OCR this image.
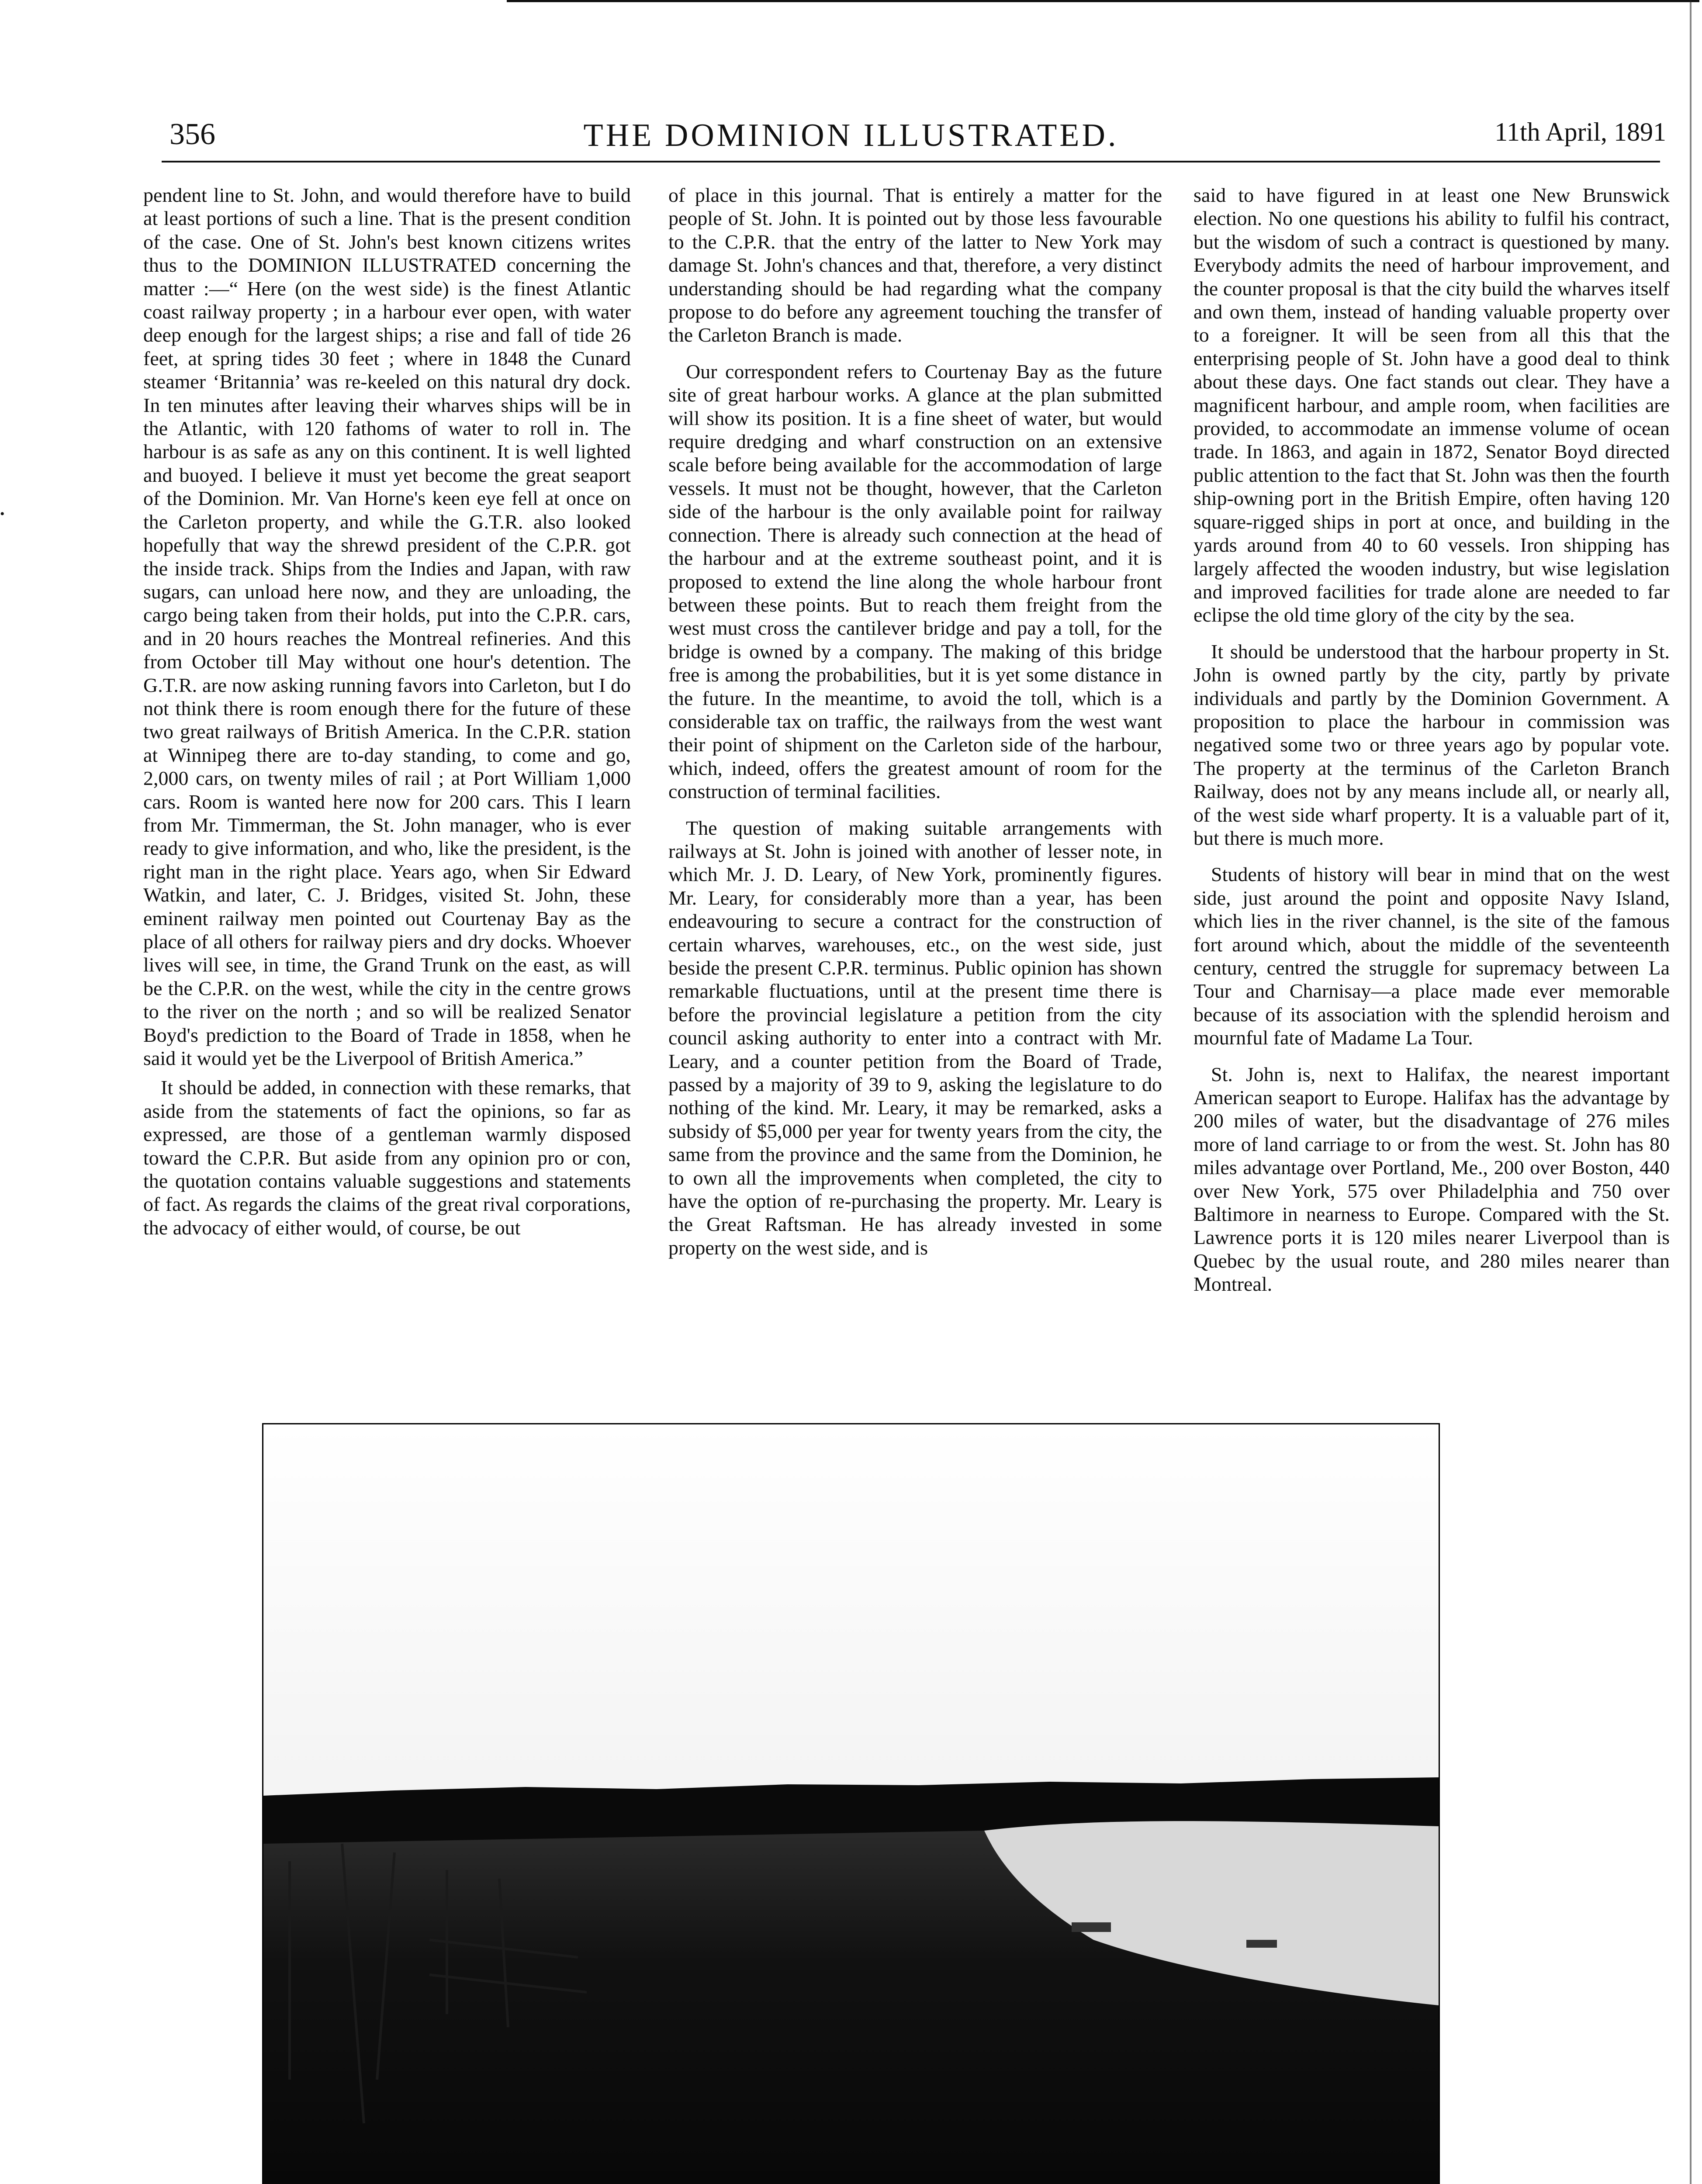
•
356	THE DOMINION ILLUSTRATED.	11th April, 1891

pendent line to St. John, and would therefore have to build at least portions of such a line. That is the present condition of the case. One of St. John's best known citizens writes thus to the DOMINION ILLUSTRATED concerning the matter :—“ Here (on the west side) is the finest Atlantic coast railway property ; in a harbour ever open, with water deep enough for the largest ships; a rise and fall of tide 26 feet, at spring tides 30 feet ; where in 1848 the Cunard steamer ‘Britannia’ was re-keeled on this natural dry dock. In ten minutes after leaving their wharves ships will be in the Atlantic, with 120 fathoms of water to roll in. The harbour is as safe as any on this continent. It is well lighted and buoyed. I believe it must yet become the great seaport of the Dominion. Mr. Van Horne's keen eye fell at once on the Carleton property, and while the G.T.R. also looked hopefully that way the shrewd president of the C.P.R. got the inside track. Ships from the Indies and Japan, with raw sugars, can unload here now, and they are unloading, the cargo being taken from their holds, put into the C.P.R. cars, and in 20 hours reaches the Montreal refineries. And this from October till May without one hour's detention. The G.T.R. are now asking running favors into Carleton, but I do not think there is room enough there for the future of these two great railways of British America. In the C.P.R. station at Winnipeg there are to-day standing, to come and go, 2,000 cars, on twenty miles of rail ; at Port William 1,000 cars. Room is wanted here now for 200 cars. This I learn from Mr. Timmerman, the St. John manager, who is ever ready to give information, and who, like the president, is the right man in the right place. Years ago, when Sir Edward Watkin, and later, C. J. Bridges, visited St. John, these eminent railway men pointed out Courtenay Bay as the place of all others for railway piers and dry docks. Whoever lives will see, in time, the Grand Trunk on the east, as will be the C.P.R. on the west, while the city in the centre grows to the river on the north ; and so will be realized Senator Boyd's prediction to the Board of Trade in 1858, when he said it would yet be the Liverpool of British America.”

It should be added, in connection with these remarks, that aside from the statements of fact the opinions, so far as expressed, are those of a gentleman warmly disposed toward the C.P.R. But aside from any opinion pro or con, the quotation contains valuable suggestions and statements of fact. As regards the claims of the great rival corporations, the advocacy of either would, of course, be out

of place in this journal. That is entirely a matter for the people of St. John. It is pointed out by those less favourable to the C.P.R. that the entry of the latter to New York may damage St. John's chances and that, therefore, a very distinct understanding should be had regarding what the company propose to do before any agreement touching the transfer of the Carleton Branch is made.

Our correspondent refers to Courtenay Bay as the future site of great harbour works. A glance at the plan submitted will show its position. It is a fine sheet of water, but would require dredging and wharf construction on an extensive scale before being available for the accommodation of large vessels. It must not be thought, however, that the Carleton side of the harbour is the only available point for railway connection. There is already such connection at the head of the harbour and at the extreme southeast point, and it is proposed to extend the line along the whole harbour front between these points. But to reach them freight from the west must cross the cantilever bridge and pay a toll, for the bridge is owned by a company. The making of this bridge free is among the probabilities, but it is yet some distance in the future. In the meantime, to avoid the toll, which is a considerable tax on traffic, the railways from the west want their point of shipment on the Carleton side of the harbour, which, indeed, offers the greatest amount of room for the construction of terminal facilities.

The question of making suitable arrangements with railways at St. John is joined with another of lesser note, in which Mr. J. D. Leary, of New York, prominently figures. Mr. Leary, for considerably more than a year, has been endeavouring to secure a contract for the construction of certain wharves, warehouses, etc., on the west side, just beside the present C.P.R. terminus. Public opinion has shown remarkable fluctuations, until at the present time there is before the provincial legislature a petition from the city council asking authority to enter into a contract with Mr. Leary, and a counter petition from the Board of Trade, passed by a majority of 39 to 9, asking the legislature to do nothing of the kind. Mr. Leary, it may be remarked, asks a subsidy of $5,000 per year for twenty years from the city, the same from the province and the same from the Dominion, he to own all the improvements when completed, the city to have the option of re-purchasing the property. Mr. Leary is the Great Raftsman. He has already invested in some property on the west side, and is

said to have figured in at least one New Brunswick election. No one questions his ability to fulfil his contract, but the wisdom of such a contract is questioned by many. Everybody admits the need of harbour improvement, and the counter proposal is that the city build the wharves itself and own them, instead of handing valuable property over to a foreigner. It will be seen from all this that the enterprising people of St. John have a good deal to think about these days. One fact stands out clear. They have a magnificent harbour, and ample room, when facilities are provided, to accommodate an immense volume of ocean trade. In 1863, and again in 1872, Senator Boyd directed public attention to the fact that St. John was then the fourth ship-owning port in the British Empire, often having 120 square-rigged ships in port at once, and building in the yards around from 40 to 60 vessels. Iron shipping has largely affected the wooden industry, but wise legislation and improved facilities for trade alone are needed to far eclipse the old time glory of the city by the sea.

It should be understood that the harbour property in St. John is owned partly by the city, partly by private individuals and partly by the Dominion Government. A proposition to place the harbour in commission was negatived some two or three years ago by popular vote. The property at the terminus of the Carleton Branch Railway, does not by any means include all, or nearly all, of the west side wharf property. It is a valuable part of it, but there is much more.

Students of history will bear in mind that on the west side, just around the point and opposite Navy Island, which lies in the river channel, is the site of the famous fort around which, about the middle of the seventeenth century, centred the struggle for supremacy between La Tour and Charnisay—a place made ever memorable because of its association with the splendid heroism and mournful fate of Madame La Tour.

St. John is, next to Halifax, the nearest important American seaport to Europe. Halifax has the advantage by 200 miles of water, but the disadvantage of 276 miles more of land carriage to or from the west. St. John has 80 miles advantage over Portland, Me., 200 over Boston, 440 over New York, 575 over Philadelphia and 750 over Baltimore in nearness to Europe. Compared with the St. Lawrence ports it is 120 miles nearer Liverpool than is Quebec by the usual route, and 280 miles nearer than Montreal.
